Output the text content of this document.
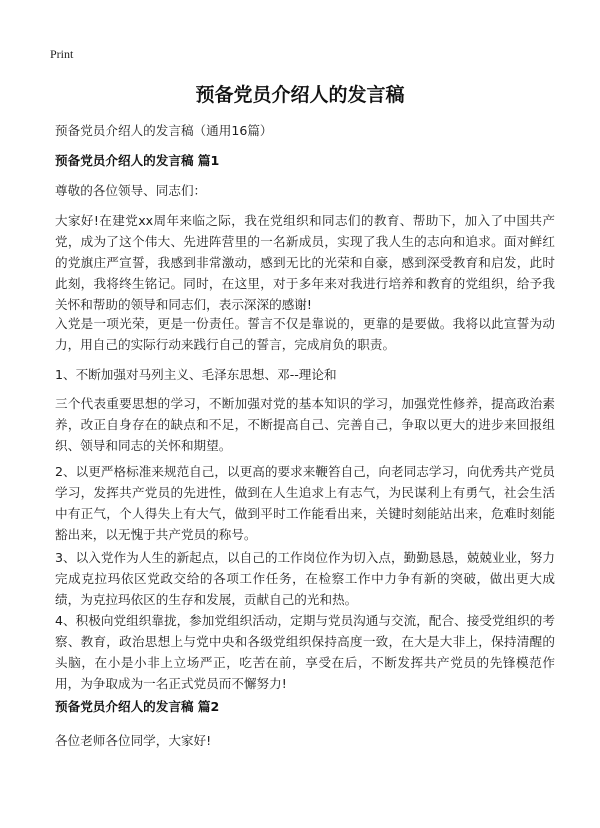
Print
预备党员介绍人的发言稿
预备党员介绍人的发言稿（通用16篇）
预备党员介绍人的发言稿 篇1
尊敬的各位领导、同志们：
大家好!在建党xx周年来临之际，我在党组织和同志们的教育、帮助下，加入了中国共产党，成为了这个伟大、先进阵营里的一名新成员，实现了我人生的志向和追求。面对鲜红的党旗庄严宣誓，我感到非常激动，感到无比的光荣和自豪，感到深受教育和启发，此时此刻，我将终生铭记。同时，在这里，对于多年来对我进行培养和教育的党组织，给予我关怀和帮助的领导和同志们，表示深深的感谢!
入党是一项光荣，更是一份责任。誓言不仅是靠说的，更靠的是要做。我将以此宣誓为动力，用自己的实际行动来践行自己的誓言，完成肩负的职责。
1、不断加强对马列主义、毛泽东思想、邓--理论和
三个代表重要思想的学习，不断加强对党的基本知识的学习，加强党性修养，提高政治素养，改正自身存在的缺点和不足，不断提高自己、完善自己，争取以更大的进步来回报组织、领导和同志的关怀和期望。
2、以更严格标准来规范自己，以更高的要求来鞭笞自己，向老同志学习，向优秀共产党员学习，发挥共产党员的先进性，做到在人生追求上有志气，为民谋利上有勇气，社会生活中有正气，个人得失上有大气，做到平时工作能看出来，关键时刻能站出来，危难时刻能豁出来，以无愧于共产党员的称号。
3、以入党作为人生的新起点，以自己的工作岗位作为切入点，勤勤恳恳，兢兢业业，努力完成克拉玛依区党政交给的各项工作任务，在检察工作中力争有新的突破，做出更大成绩，为克拉玛依区的生存和发展，贡献自己的光和热。
4、积极向党组织靠拢，参加党组织活动，定期与党员沟通与交流，配合、接受党组织的考察、教育，政治思想上与党中央和各级党组织保持高度一致，在大是大非上，保持清醒的头脑，在小是小非上立场严正，吃苦在前，享受在后，不断发挥共产党员的先锋模范作用，为争取成为一名正式党员而不懈努力!
预备党员介绍人的发言稿 篇2
各位老师各位同学，大家好!
